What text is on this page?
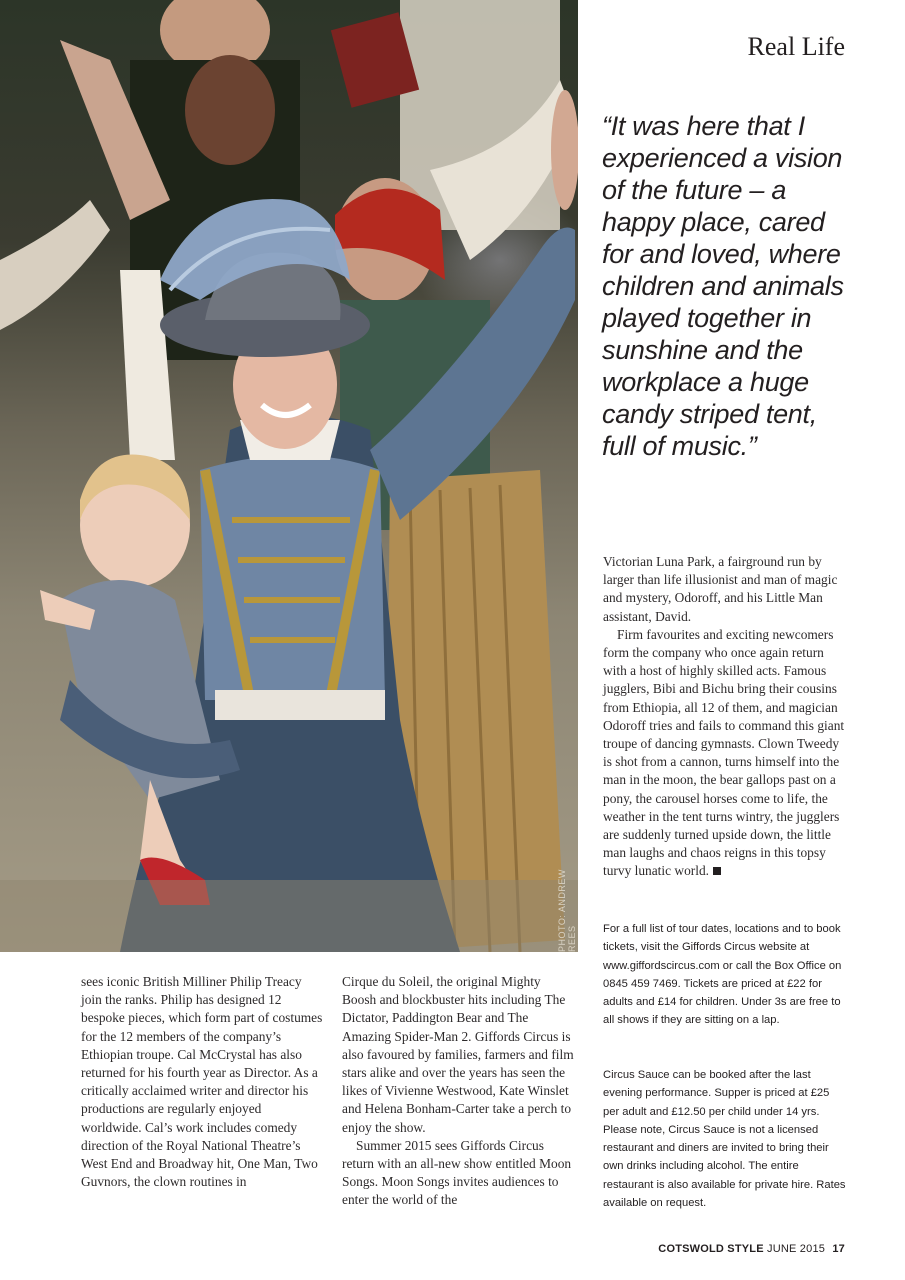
Real Life
PHOTO: ANDREW REES
“It was here that I experienced a vision of the future – a happy place, cared for and loved, where children and animals played together in sunshine and the workplace a huge candy striped tent, full of music.”

Victorian Luna Park, a fairground run by larger than life illusionist and man of magic and mystery, Odoroff, and his Little Man assistant, David.

Firm favourites and exciting newcomers form the company who once again return with a host of highly skilled acts. Famous jugglers, Bibi and Bichu bring their cousins from Ethiopia, all 12 of them, and magician Odoroff tries and fails to command this giant troupe of dancing gymnasts. Clown Tweedy is shot from a cannon, turns himself into the man in the moon, the bear gallops past on a pony, the carousel horses come to life, the weather in the tent turns wintry, the jugglers are suddenly turned upside down, the little man laughs and chaos reigns in this topsy turvy lunatic world.

For a full list of tour dates, locations and to book tickets, visit the Giffords Circus website at www.giffordscircus.com or call the Box Office on 0845 459 7469. Tickets are priced at £22 for adults and £14 for children. Under 3s are free to all shows if they are sitting on a lap.
Circus Sauce can be booked after the last evening performance. Supper is priced at £25 per adult and £12.50 per child under 14 yrs. Please note, Circus Sauce is not a licensed restaurant and diners are invited to bring their own drinks including alcohol. The entire restaurant is also available for private hire. Rates available on request.

sees iconic British Milliner Philip Treacy join the ranks. Philip has designed 12 bespoke pieces, which form part of costumes for the 12 members of the company’s Ethiopian troupe. Cal McCrystal has also returned for his fourth year as Director. As a critically acclaimed writer and director his productions are regularly enjoyed worldwide. Cal’s work includes comedy direction of the Royal National Theatre’s West End and Broadway hit, One Man, Two Guvnors, the clown routines in

Cirque du Soleil, the original Mighty Boosh and blockbuster hits including The Dictator, Paddington Bear and The Amazing Spider-Man 2. Giffords Circus is also favoured by families, farmers and film stars alike and over the years has seen the likes of Vivienne Westwood, Kate Winslet and Helena Bonham-Carter take a perch to enjoy the show.

Summer 2015 sees Giffords Circus return with an all-new show entitled Moon Songs. Moon Songs invites audiences to enter the world of the

COTSWOLD STYLE JUNE 2015 17
